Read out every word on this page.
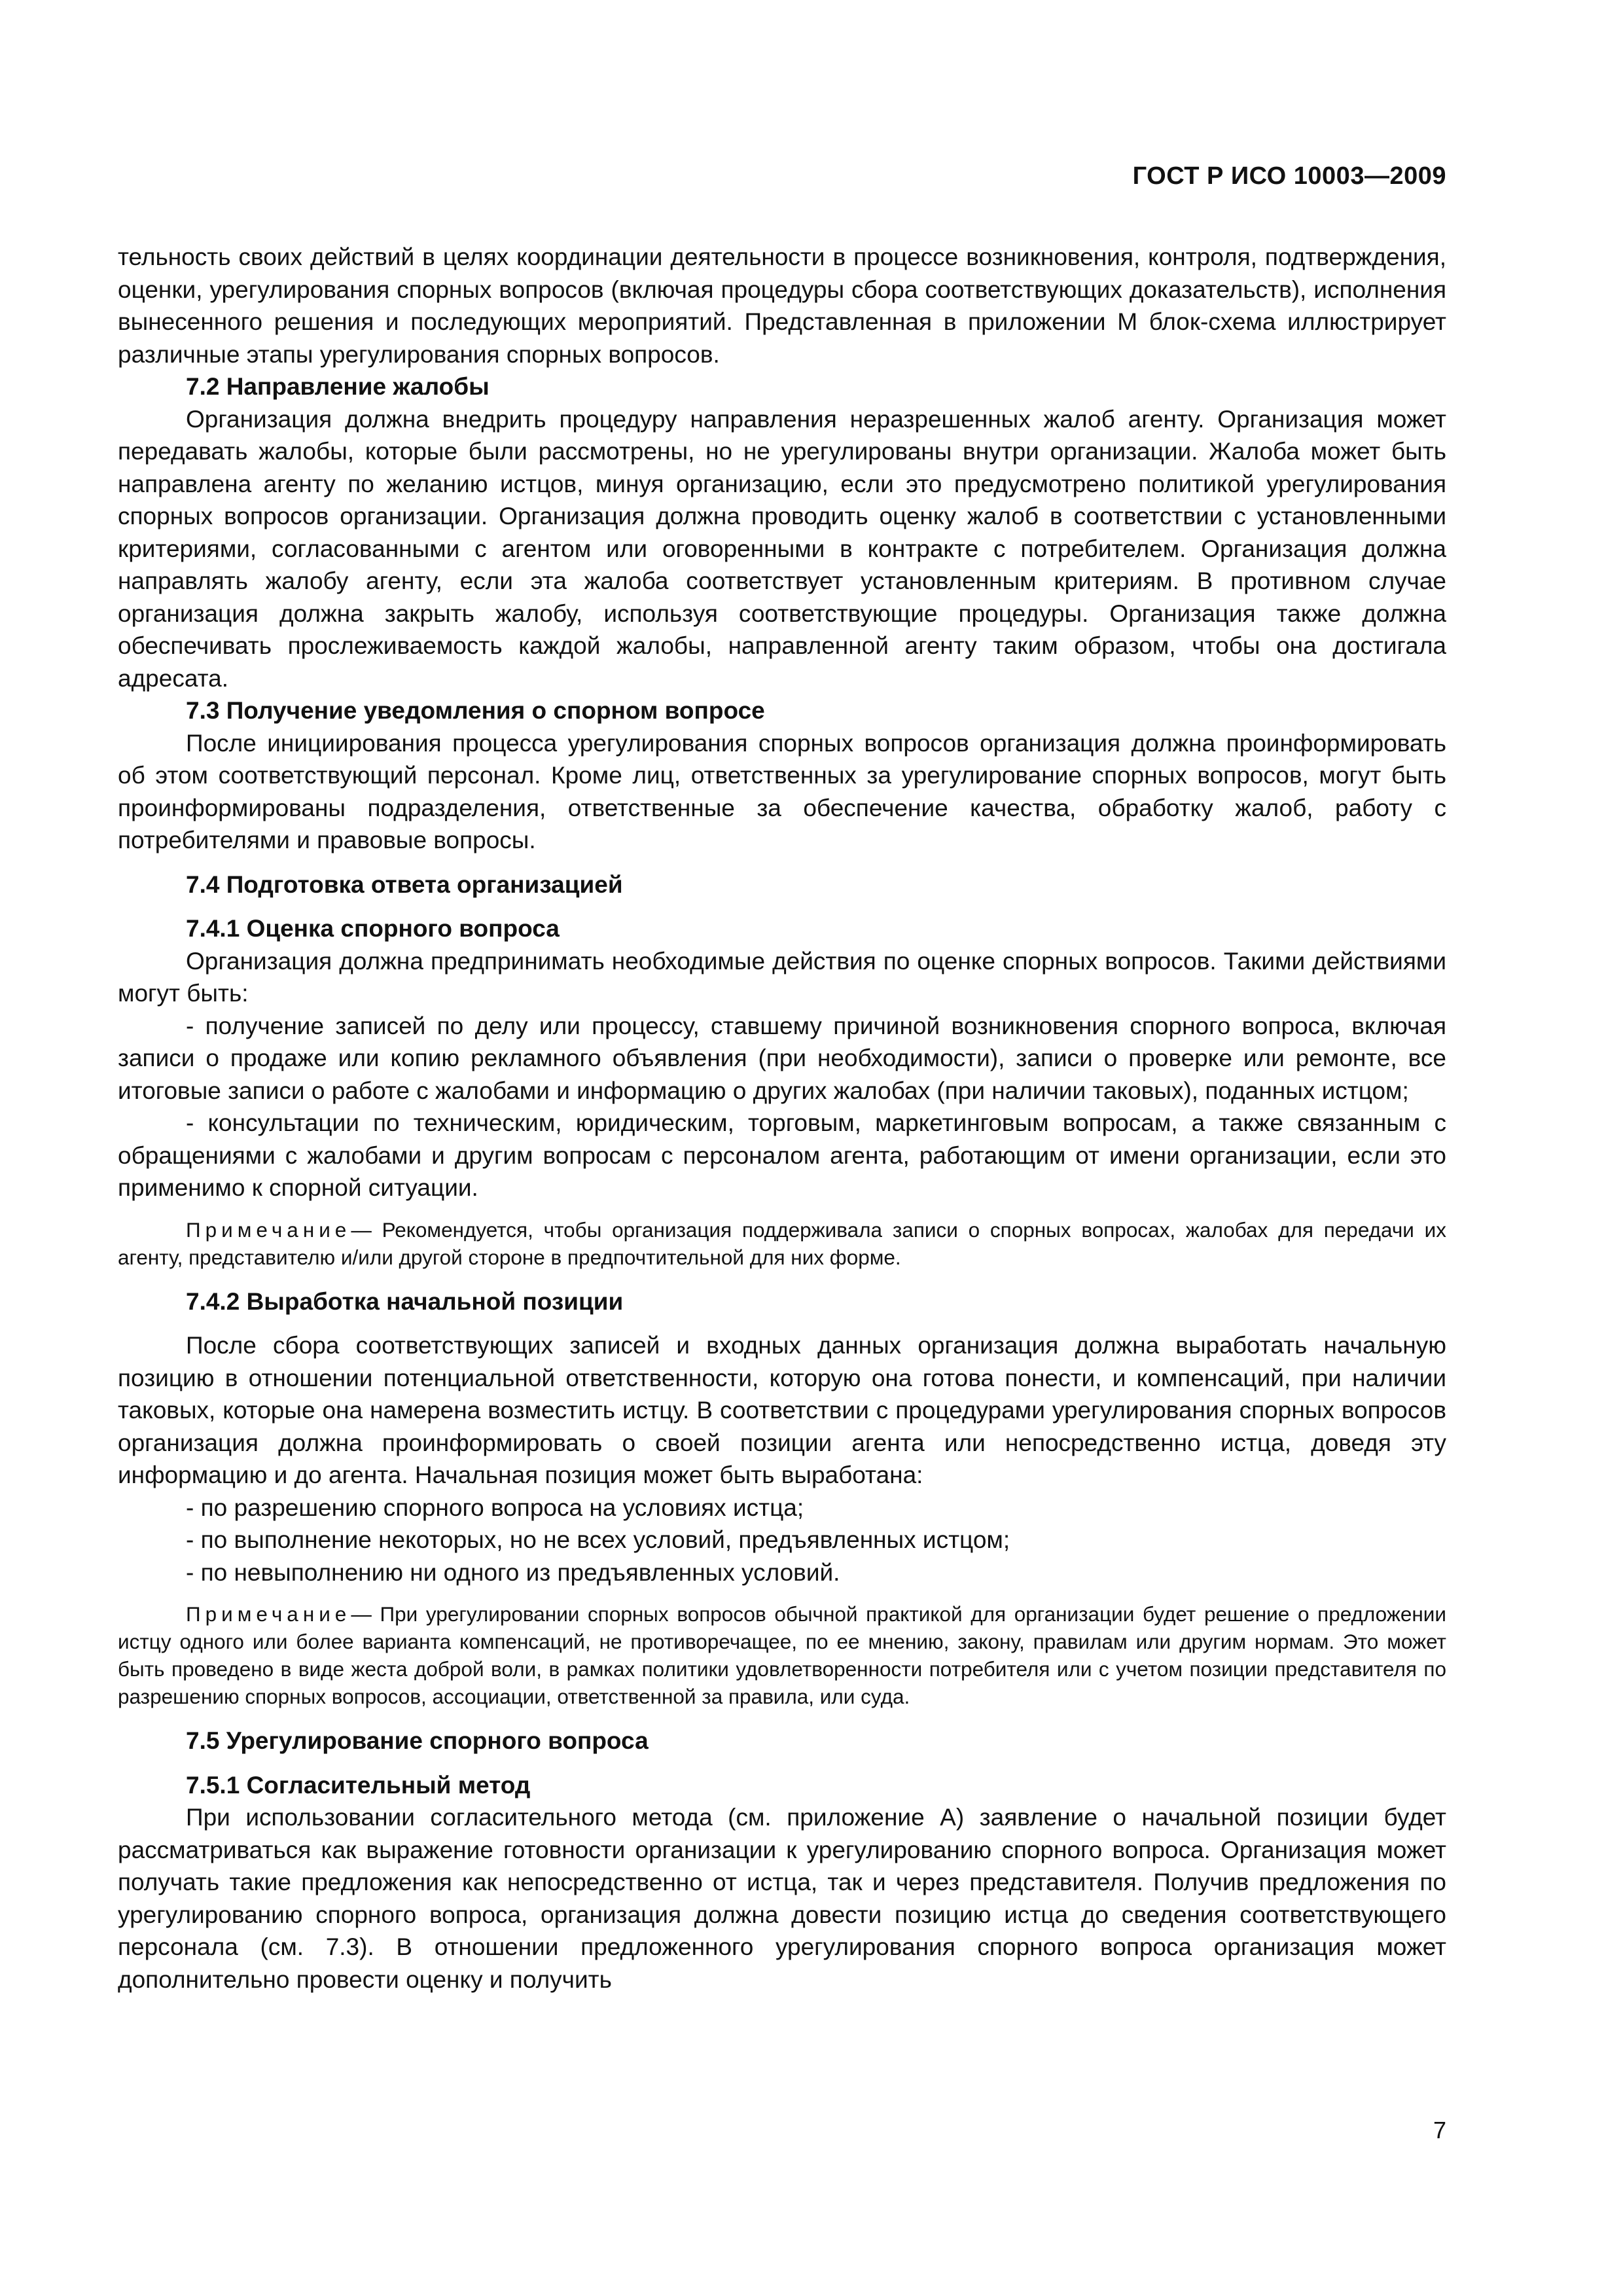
ГОСТ Р ИСО 10003—2009

тельность своих действий в целях координации деятельности в процессе возникновения, контроля, подтверждения, оценки, урегулирования спорных вопросов (включая процедуры сбора соответствующих доказательств), исполнения вынесенного решения и последующих мероприятий. Представленная в приложении М блок-схема иллюстрирует различные этапы урегулирования спорных вопросов.

7.2 Направление жалобы

Организация должна внедрить процедуру направления неразрешенных жалоб агенту. Организация может передавать жалобы, которые были рассмотрены, но не урегулированы внутри организации. Жалоба может быть направлена агенту по желанию истцов, минуя организацию, если это предусмотрено политикой урегулирования спорных вопросов организации. Организация должна проводить оценку жалоб в соответствии с установленными критериями, согласованными с агентом или оговоренными в контракте с потребителем. Организация должна направлять жалобу агенту, если эта жалоба соответствует установленным критериям. В противном случае организация должна закрыть жалобу, используя соответствующие процедуры. Организация также должна обеспечивать прослеживаемость каждой жалобы, направленной агенту таким образом, чтобы она достигала адресата.

7.3 Получение уведомления о спорном вопросе

После инициирования процесса урегулирования спорных вопросов организация должна проинформировать об этом соответствующий персонал. Кроме лиц, ответственных за урегулирование спорных вопросов, могут быть проинформированы подразделения, ответственные за обеспечение качества, обработку жалоб, работу с потребителями и правовые вопросы.

7.4 Подготовка ответа организацией
7.4.1 Оценка спорного вопроса

Организация должна предпринимать необходимые действия по оценке спорных вопросов. Такими действиями могут быть:

- получение записей по делу или процессу, ставшему причиной возникновения спорного вопроса, включая записи о продаже или копию рекламного объявления (при необходимости), записи о проверке или ремонте, все итоговые записи о работе с жалобами и информацию о других жалобах (при наличии таковых), поданных истцом;

- консультации по техническим, юридическим, торговым, маркетинговым вопросам, а также связанным с обращениями с жалобами и другим вопросам с персоналом агента, работающим от имени организации, если это применимо к спорной ситуации.

Примечание— Рекомендуется, чтобы организация поддерживала записи о спорных вопросах, жалобах для передачи их агенту, представителю и/или другой стороне в предпочтительной для них форме.

7.4.2 Выработка начальной позиции

После сбора соответствующих записей и входных данных организация должна выработать начальную позицию в отношении потенциальной ответственности, которую она готова понести, и компенсаций, при наличии таковых, которые она намерена возместить истцу. В соответствии с процедурами урегулирования спорных вопросов организация должна проинформировать о своей позиции агента или непосредственно истца, доведя эту информацию и до агента. Начальная позиция может быть выработана:

- по разрешению спорного вопроса на условиях истца;

- по выполнение некоторых, но не всех условий, предъявленных истцом;

- по невыполнению ни одного из предъявленных условий.

Примечание— При урегулировании спорных вопросов обычной практикой для организации будет решение о предложении истцу одного или более варианта компенсаций, не противоречащее, по ее мнению, закону, правилам или другим нормам. Это может быть проведено в виде жеста доброй воли, в рамках политики удовлетворенности потребителя или с учетом позиции представителя по разрешению спорных вопросов, ассоциации, ответственной за правила, или суда.

7.5 Урегулирование спорного вопроса
7.5.1 Согласительный метод

При использовании согласительного метода (см. приложение А) заявление о начальной позиции будет рассматриваться как выражение готовности организации к урегулированию спорного вопроса. Организация может получать такие предложения как непосредственно от истца, так и через представителя. Получив предложения по урегулированию спорного вопроса, организация должна довести позицию истца до сведения соответствующего персонала (см. 7.3). В отношении предложенного урегулирования спорного вопроса организация может дополнительно провести оценку и получить

7
